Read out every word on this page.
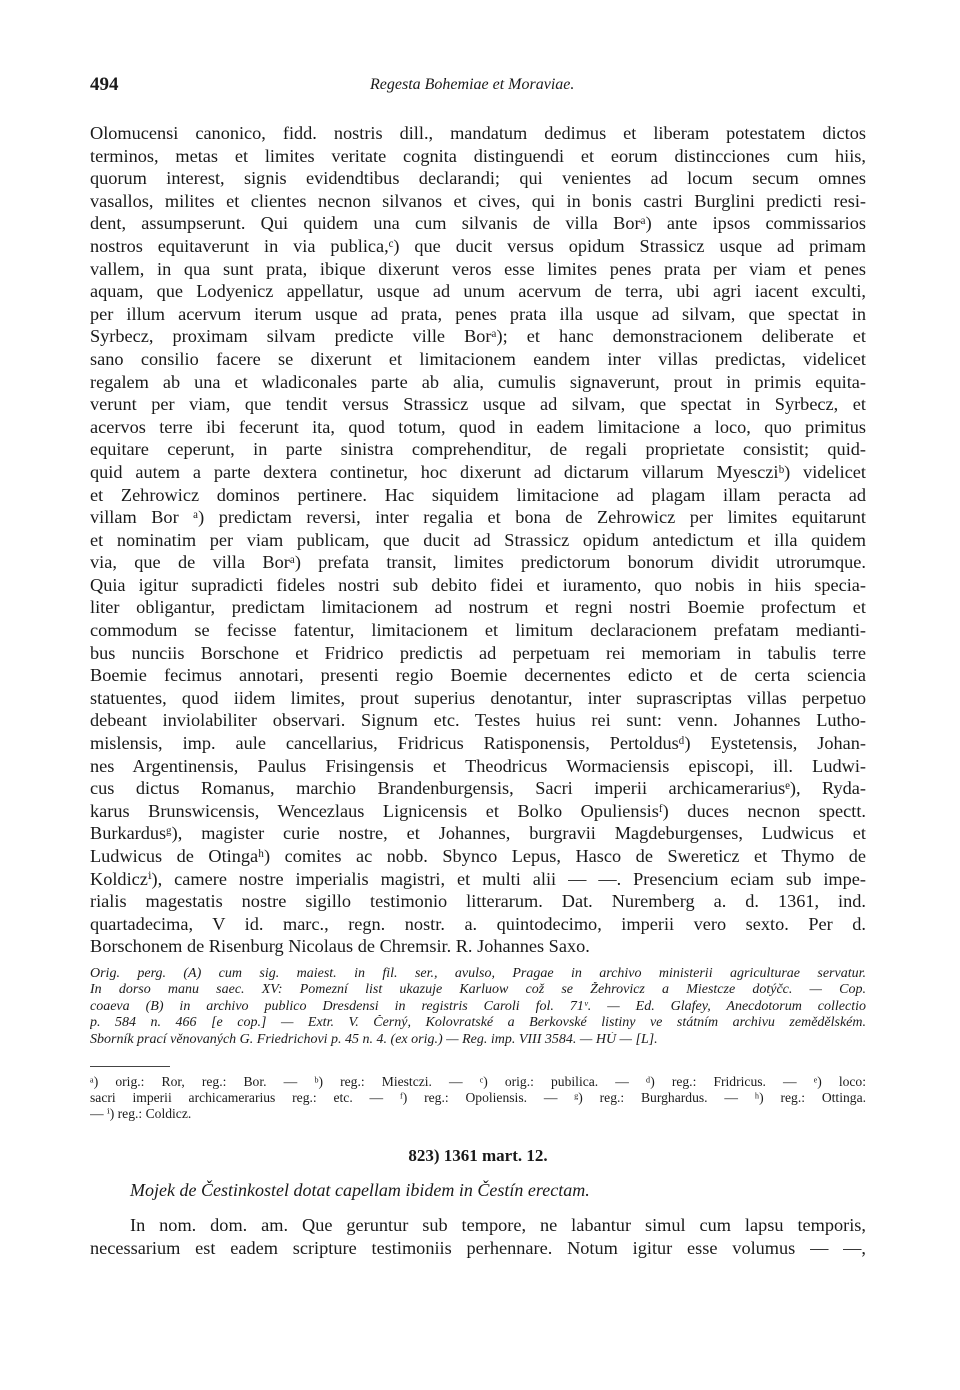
494	Regesta Bohemiae et Moraviae.
Olomucensi canonico, fidd. nostris dill., mandatum dedimus et liberam potestatem dictos
terminos, metas et limites veritate cognita distinguendi et eorum distincciones cum hiis,
quorum interest, signis evidendtibus declarandi; qui venientes ad locum secum omnes
vasallos, milites et clientes necnon silvanos et cives, qui in bonis castri Burglini predicti resi-
dent, assumpserunt. Qui quidem una cum silvanis de villa Borᵃ) ante ipsos commissarios
nostros equitaverunt in via publica,ᶜ) que ducit versus opidum Strassicz usque ad primam
vallem, in qua sunt prata, ibique dixerunt veros esse limites penes prata per viam et penes
aquam, que Lodyenicz appellatur, usque ad unum acervum de terra, ubi agri iacent exculti,
per illum acervum iterum usque ad prata, penes prata illa usque ad silvam, que spectat in
Syrbecz, proximam silvam predicte ville Borᵃ); et hanc demonstracionem deliberate et
sano consilio facere se dixerunt et limitacionem eandem inter villas predictas, videlicet
regalem ab una et wladiconales parte ab alia, cumulis signaverunt, prout in primis equita-
verunt per viam, que tendit versus Strassicz usque ad silvam, que spectat in Syrbecz, et
acervos terre ibi fecerunt ita, quod totum, quod in eadem limitacione a loco, quo primitus
equitare ceperunt, in parte sinistra comprehenditur, de regali proprietate consistit; quid-
quid autem a parte dextera continetur, hoc dixerunt ad dictarum villarum Myescziᵇ) videlicet
et Zehrowicz dominos pertinere. Hac siquidem limitacione ad plagam illam peracta ad
villam Bor ᵃ) predictam reversi, inter regalia et bona de Zehrowicz per limites equitarunt
et nominatim per viam publicam, que ducit ad Strassicz opidum antedictum et illa quidem
via, que de villa Borᵃ) prefata transit, limites predictorum bonorum dividit utrorumque.
Quia igitur supradicti fideles nostri sub debito fidei et iuramento, quo nobis in hiis specia-
liter obligantur, predictam limitacionem ad nostrum et regni nostri Boemie profectum et
commodum se fecisse fatentur, limitacionem et limitum declaracionem prefatam medianti-
bus nunciis Borschone et Fridrico predictis ad perpetuam rei memoriam in tabulis terre
Boemie fecimus annotari, presenti regio Boemie decernentes edicto et de certa sciencia
statuentes, quod iidem limites, prout superius denotantur, inter suprascriptas villas perpetuo
debeant inviolabiliter observari. Signum etc. Testes huius rei sunt: venn. Johannes Lutho-
mislensis, imp. aule cancellarius, Fridricus Ratisponensis, Pertoldusᵈ) Eystetensis, Johan-
nes Argentinensis, Paulus Frisingensis et Theodricus Wormaciensis episcopi, ill. Ludwi-
cus dictus Romanus, marchio Brandenburgensis, Sacri imperii archicamerariusᵉ), Ryda-
karus Brunswicensis, Wencezlaus Lignicensis et Bolko Opuliensisᶠ) duces necnon spectt.
Burkardusᵍ), magister curie nostre, et Johannes, burgravii Magdeburgenses, Ludwicus et
Ludwicus de Otingaʰ) comites ac nobb. Sbynco Lepus, Hasco de Swereticz et Thymo de
Koldiczⁱ), camere nostre imperialis magistri, et multi alii — —. Presencium eciam sub impe-
rialis magestatis nostre sigillo testimonio litterarum. Dat. Nuremberg a. d. 1361, ind.
quartadecima, V id. marc., regn. nostr. a. quintodecimo, imperii vero sexto. Per d.
Borschonem de Risenburg Nicolaus de Chremsir. R. Johannes Saxo.
Orig. perg. (A) cum sig. maiest. in fil. ser., avulso, Pragae in archivo ministerii agriculturae servatur.
In dorso manu saec. XV: Pomezní list ukazuje Karluow což se Žehrovicz a Miestcze dotýčc. — Cop.
coaeva (B) in archivo publico Dresdensi in registris Caroli fol. 71ᵛ. — Ed. Glafey, Anecdotorum collectio
p. 584 n. 466 [e cop.] — Extr. V. Černý, Kolovratské a Berkovské listiny ve státním archivu zemědělském.
Sborník prací věnovaných G. Friedrichovi p. 45 n. 4. (ex orig.) — Reg. imp. VIII 3584. — HÚ — [L].
ᵃ) orig.: Ror, reg.: Bor. — ᵇ) reg.: Miestczi. — ᶜ) orig.: pubilica. — ᵈ) reg.: Fridricus. — ᵉ) loco:
sacri imperii archicamerarius reg.: etc. — ᶠ) reg.: Opoliensis. — ᵍ) reg.: Burghardus. — ʰ) reg.: Ottinga.
— ⁱ) reg.: Coldicz.
823) 1361 mart. 12.
Mojek de Čestinkostel dotat capellam ibidem in Čestín erectam.
In nom. dom. am. Que geruntur sub tempore, ne labantur simul cum lapsu temporis,
necessarium est eadem scripture testimoniis perhennare. Notum igitur esse volumus — —,
